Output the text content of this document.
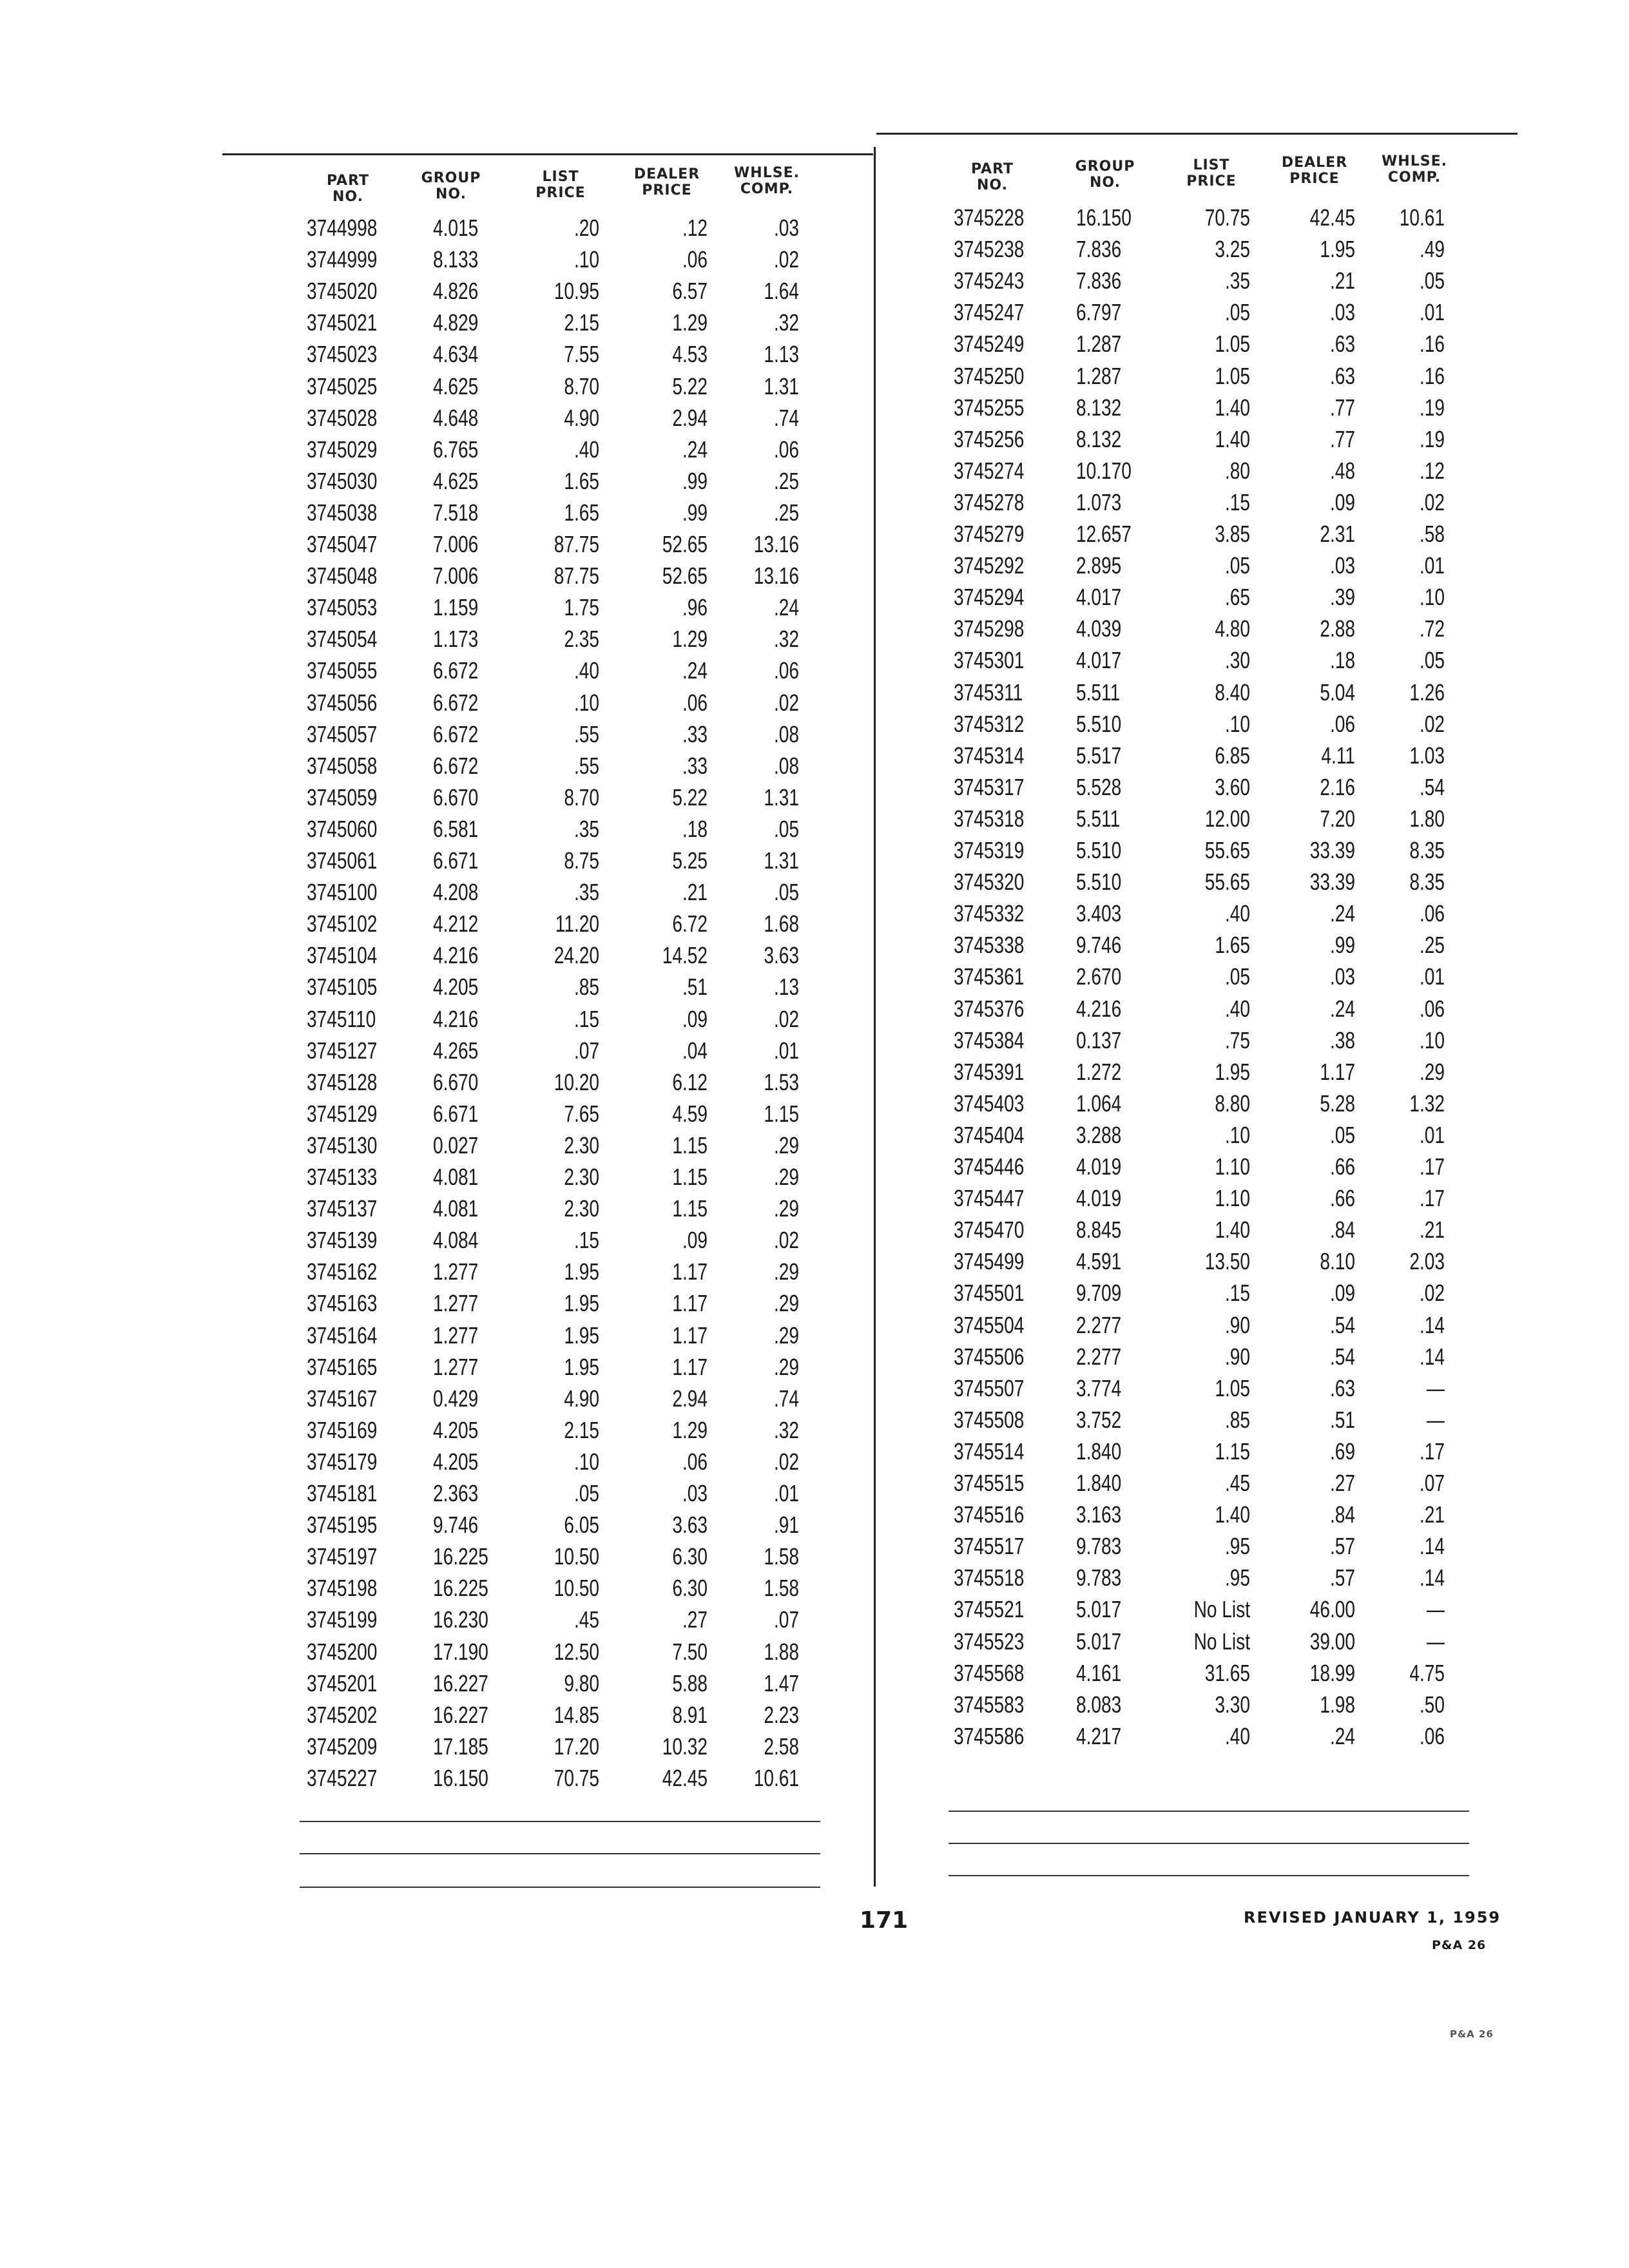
PART
NO.
GROUP
NO.
LIST
PRICE
DEALER
PRICE
WHLSE.
COMP.
3744998 4.015	.20	.12	.03
3744999 8.133	.10	.06	.02
3745020 4.826	10.95	6.57	1.64
3745021 4.829	2.15	1.29	.32
3745023 4.634	7.55	4.53	1.13
3745025 4.625	8.70	5.22	1.31
3745028 4.648	4.90	2.94	.74
3745029 6.765	.40	.24	.06
3745030 4.625	1.65	.99	.25
3745038 7.518	1.65	.99	.25
3745047 7.006	87.75	52.65	13.16
3745048 7.006	87.75	52.65	13.16
3745053 1.159	1.75	.96	.24
3745054 1.173	2.35	1.29	.32
3745055 6.672	.40	.24	.06
3745056 6.672	.10	.06	.02
3745057 6.672	.55	.33	.08
3745058 6.672	.55	.33	.08
3745059 6.670	8.70	5.22	1.31
3745060 6.581	.35	.18	.05
3745061 6.671	8.75	5.25	1.31
3745100 4.208	.35	.21	.05
3745102 4.212	11.20	6.72	1.68
3745104 4.216	24.20	14.52	3.63
3745105 4.205	.85	.51	.13
3745110 4.216	.15	.09	.02
3745127 4.265	.07	.04	.01
3745128 6.670	10.20	6.12	1.53
3745129 6.671	7.65	4.59	1.15
3745130 0.027	2.30	1.15	.29
3745133 4.081	2.30	1.15	.29
3745137 4.081	2.30	1.15	.29
3745139 4.084	.15	.09	.02
3745162 1.277	1.95	1.17	.29
3745163 1.277	1.95	1.17	.29
3745164 1.277	1.95	1.17	.29
3745165 1.277	1.95	1.17	.29
3745167 0.429	4.90	2.94	.74
3745169 4.205	2.15	1.29	.32
3745179 4.205	.10	.06	.02
3745181 2.363	.05	.03	.01
3745195 9.746	6.05	3.63	.91
3745197 16.225	10.50	6.30	1.58
3745198 16.225	10.50	6.30	1.58
3745199 16.230	.45	.27	.07
3745200 17.190	12.50	7.50	1.88
3745201 16.227	9.80	5.88	1.47
3745202 16.227	14.85	8.91	2.23
3745209 17.185	17.20	10.32	2.58
3745227 16.150	70.75	42.45	10.61
PART
NO.
GROUP
NO.
LIST
PRICE
DEALER
PRICE
WHLSE.
COMP.
3745228 16.150	70.75	42.45	10.61
3745238 7.836	3.25	1.95	.49
3745243 7.836	.35	.21	.05
3745247 6.797	.05	.03	.01
3745249 1.287	1.05	.63	.16
3745250 1.287	1.05	.63	.16
3745255 8.132	1.40	.77	.19
3745256 8.132	1.40	.77	.19
3745274 10.170	.80	.48	.12
3745278 1.073	.15	.09	.02
3745279 12.657	3.85	2.31	.58
3745292 2.895	.05	.03	.01
3745294 4.017	.65	.39	.10
3745298 4.039	4.80	2.88	.72
3745301 4.017	.30	.18	.05
3745311 5.511	8.40	5.04	1.26
3745312 5.510	.10	.06	.02
3745314 5.517	6.85	4.11	1.03
3745317 5.528	3.60	2.16	.54
3745318 5.511	12.00	7.20	1.80
3745319 5.510	55.65	33.39	8.35
3745320 5.510	55.65	33.39	8.35
3745332 3.403	.40	.24	.06
3745338 9.746	1.65	.99	.25
3745361 2.670	.05	.03	.01
3745376 4.216	.40	.24	.06
3745384 0.137	.75	.38	.10
3745391 1.272	1.95	1.17	.29
3745403 1.064	8.80	5.28	1.32
3745404 3.288	.10	.05	.01
3745446 4.019	1.10	.66	.17
3745447 4.019	1.10	.66	.17
3745470 8.845	1.40	.84	.21
3745499 4.591	13.50	8.10	2.03
3745501 9.709	.15	.09	.02
3745504 2.277	.90	.54	.14
3745506 2.277	.90	.54	.14
3745507 3.774	1.05	.63	—
3745508 3.752	.85	.51	—
3745514 1.840	1.15	.69	.17
3745515 1.840	.45	.27	.07
3745516 3.163	1.40	.84	.21
3745517 9.783	.95	.57	.14
3745518 9.783	.95	.57	.14
3745521 5.017	No List	46.00	—
3745523 5.017	No List	39.00	—
3745568 4.161	31.65	18.99	4.75
3745583 8.083	3.30	1.98	.50
3745586 4.217	.40	.24	.06
171	REVISED JANUARY 1, 1959
P&A 26
P&A 26
